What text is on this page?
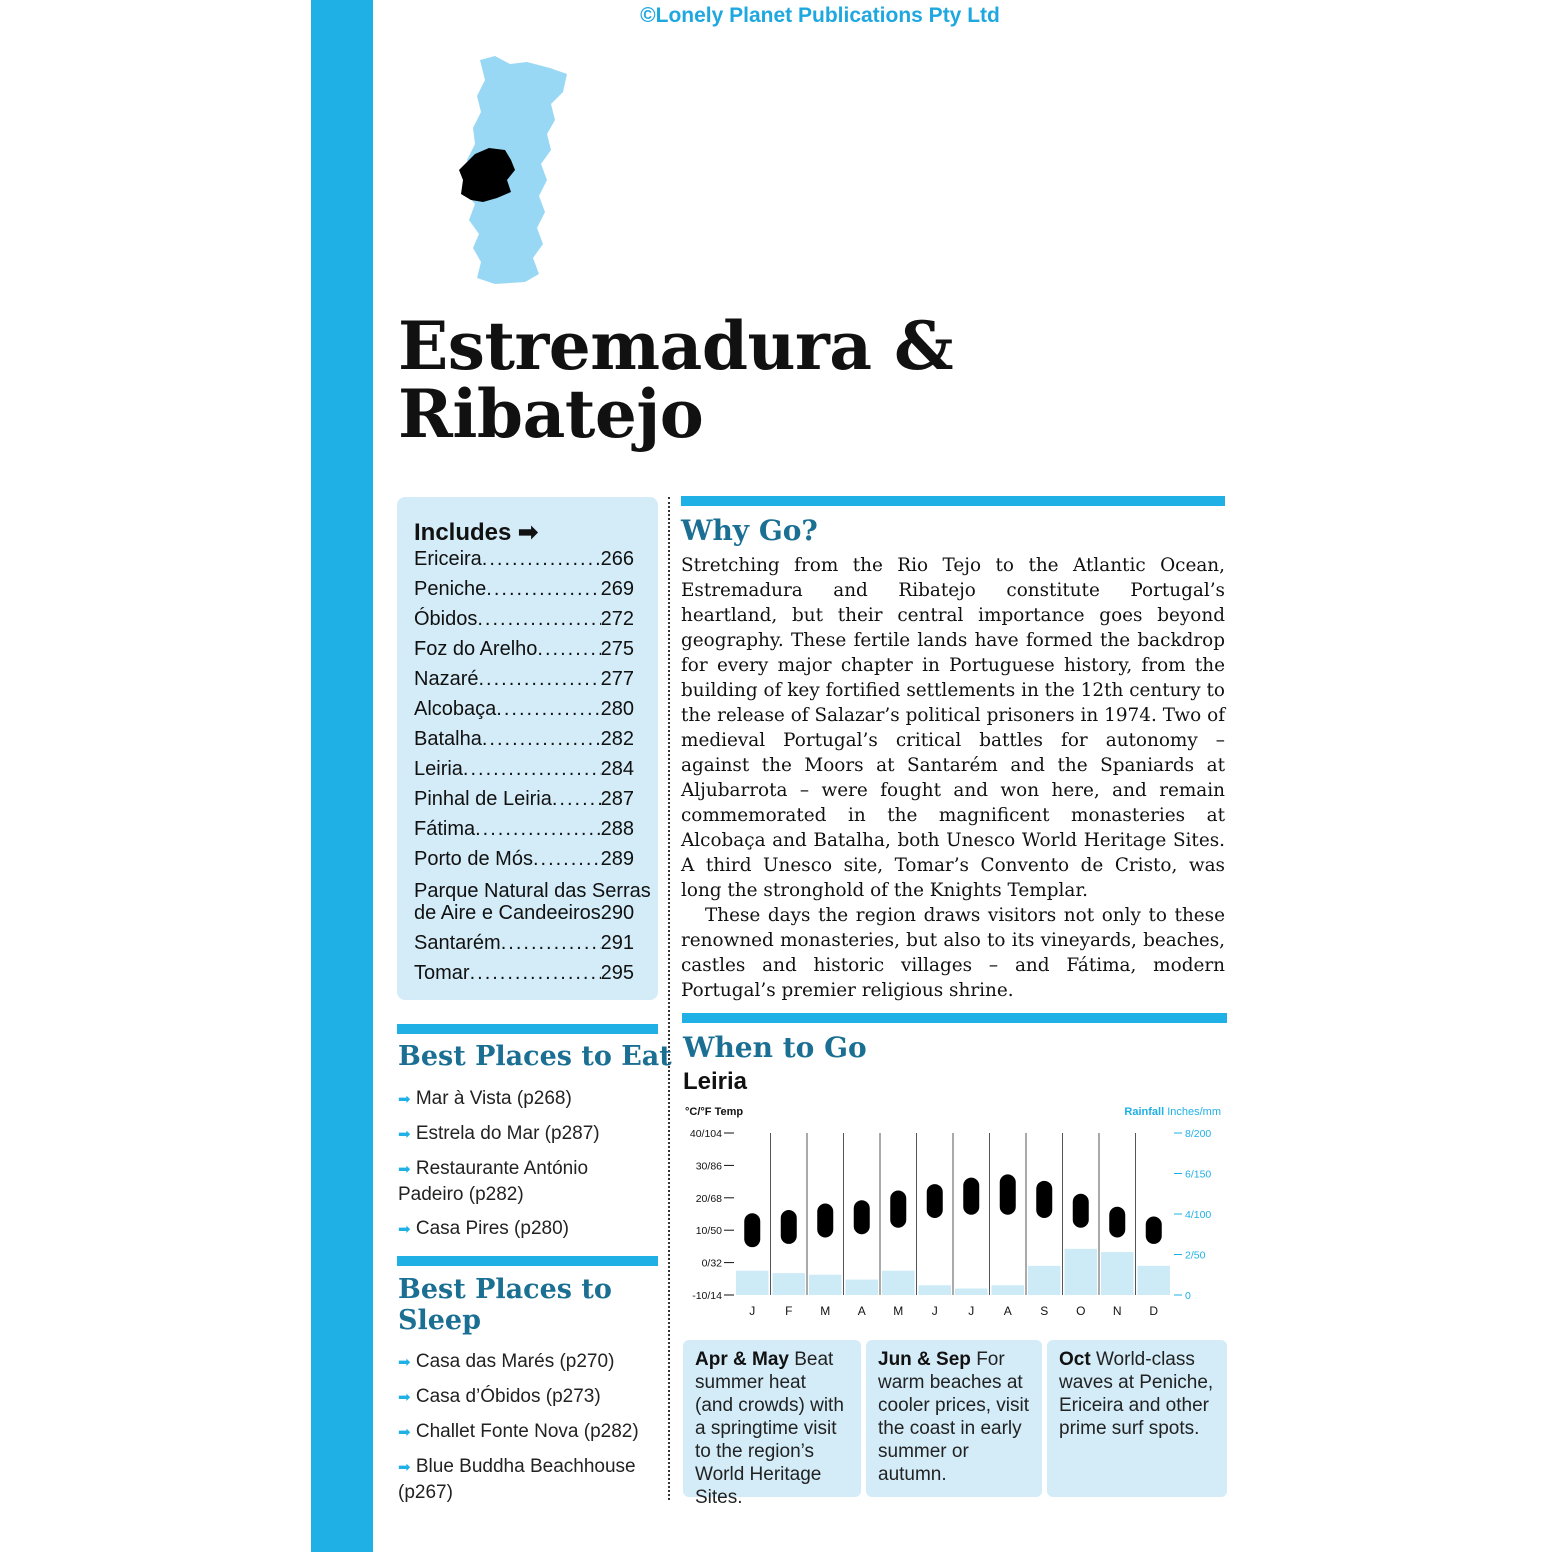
©Lonely Planet Publications Pty Ltd
Estremadura &
Ribatejo
Includes ➡
Ericeira .....	266
Peniche .....	269
Óbidos .....	272
Foz do Arelho .....	275
Nazaré .....	277
Alcobaça .....	280
Batalha .....	282
Leiria .....	284
Pinhal de Leiria ..... 287
Fátima .....	288
Porto de Mós .....	289
Parque Natural das Serras
de Aire e Candeeiros 290
Santarém .....	291
Tomar .....	295
Why Go?

Stretching from the Rio Tejo to the Atlantic Ocean, Estremadura and Ribatejo constitute Portugal’s heartland, but their central importance goes beyond geography. These fertile lands have formed the backdrop for every major chapter in Portuguese history, from the building of key fortified settlements in the 12th century to the release of Salazar’s political prisoners in 1974. Two of medieval Portugal’s critical battles for autonomy – against the Moors at Santarém and the Spaniards at Aljubarrota – were fought and won here, and remain commemorated in the magnificent monasteries at Alcobaça and Batalha, both Unesco World Heritage Sites. A third Unesco site, Tomar’s Convento de Cristo, was long the stronghold of the Knights Templar.

These days the region draws visitors not only to these renowned monasteries, but also to its vineyards, beaches, castles and historic villages – and Fátima, modern Portugal’s premier religious shrine.

Best Places to Eat
➡ Mar à Vista (p268)
➡ Estrela do Mar (p287)
➡ Restaurante António Padeiro (p282)
➡ Casa Pires (p280)
Best Places to
Sleep
➡ Casa das Marés (p270)
➡ Casa d’Óbidos (p273)
➡ Challet Fonte Nova (p282)
➡ Blue Buddha Beachhouse (p267)
When to Go
Leiria
°C/°F Temp	Rainfall Inches/mm
40/104
30/86
20/68
10/50
0/32
-10/14
8/200
6/150
4/100
2/50
0
J F M A M J	J A S O N D
Apr & May Beat summer heat (and crowds) with a springtime visit to the region’s World Heritage Sites.
Jun & Sep For warm beaches at cooler prices, visit the coast in early summer or autumn.
Oct World-class waves at Peniche, Ericeira and other prime surf spots.
